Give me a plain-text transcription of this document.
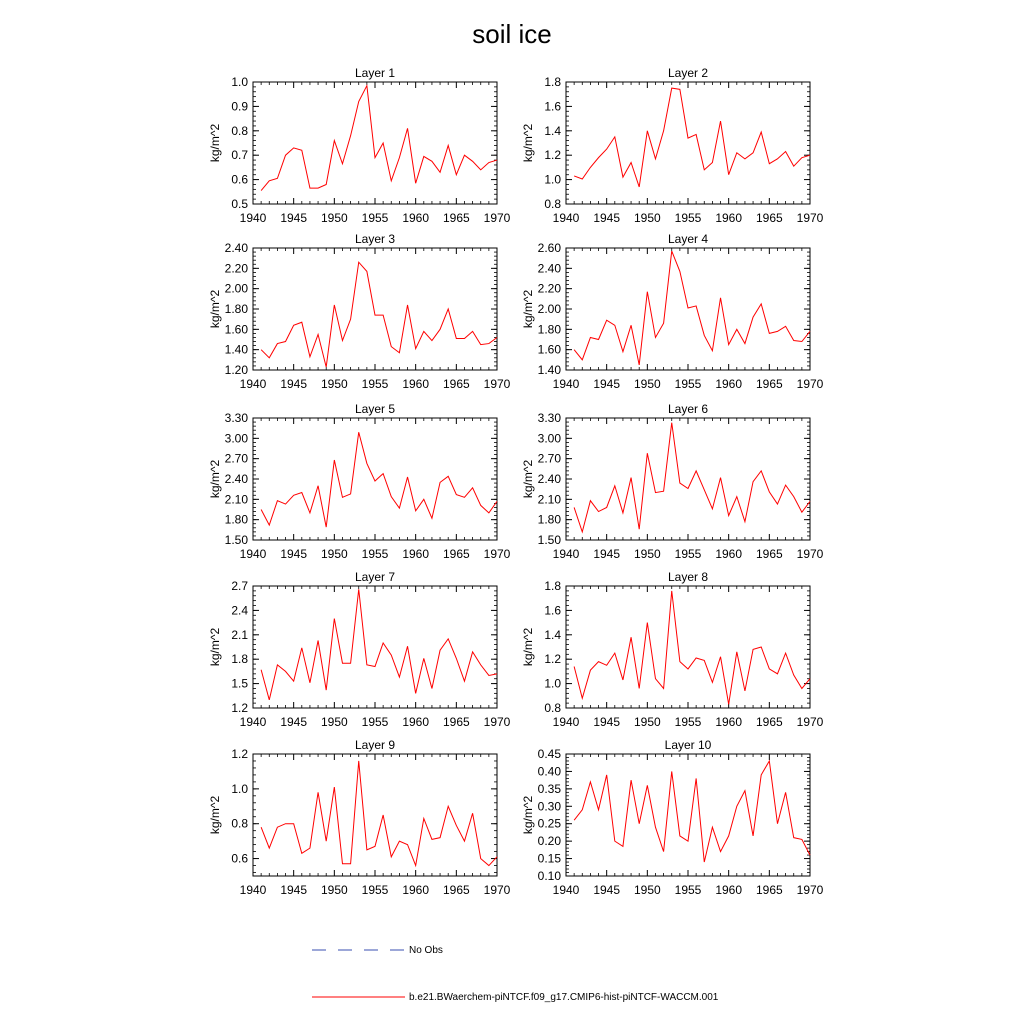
soil ice
Layer 1
kg/m^2
1940 1945 1950 1955 1960 1965 1970
0.5
0.6
0.7
0.8
0.9
1.0
Layer 2
kg/m^2
1940 1945 1950 1955 1960 1965 1970
0.8
1.0
1.2
1.4
1.6
1.8
Layer 3
kg/m^2
1940 1945 1950 1955 1960 1965 1970
1.20
1.40
1.60
1.80
2.00
2.20
2.40
Layer 4
kg/m^2
1940 1945 1950 1955 1960 1965 1970
1.40
1.60
1.80
2.00
2.20
2.40
2.60
Layer 5
kg/m^2
1940 1945 1950 1955 1960 1965 1970
1.50
1.80
2.10
2.40
2.70
3.00
3.30
Layer 6
kg/m^2
1940 1945 1950 1955 1960 1965 1970
1.50
1.80
2.10
2.40
2.70
3.00
3.30
Layer 7
kg/m^2
1940 1945 1950 1955 1960 1965 1970
1.2
1.5
1.8
2.1
2.4
2.7
Layer 8
kg/m^2
1940 1945 1950 1955 1960 1965 1970
0.8
1.0
1.2
1.4
1.6
1.8
Layer 9
kg/m^2
1940 1945 1950 1955 1960 1965 1970
0.6
0.8
1.0
1.2
Layer 10
kg/m^2
1940 1945 1950 1955 1960 1965 1970
0.10
0.15
0.20
0.25
0.30
0.35
0.40
0.45
No Obs
b.e21.BWaerchem-piNTCF.f09_g17.CMIP6-hist-piNTCF-WACCM.001
